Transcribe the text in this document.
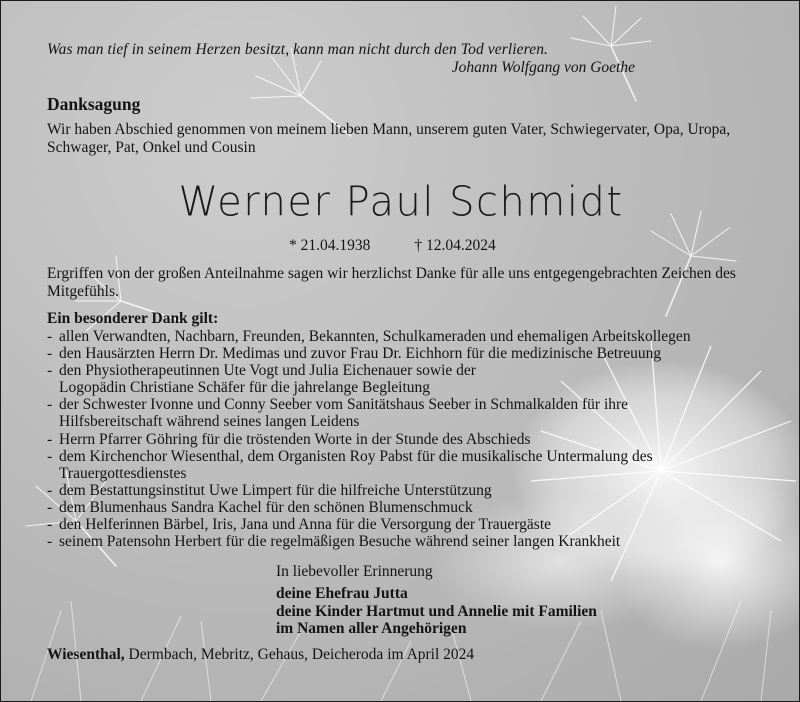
Was man tief in seinem Herzen besitzt, kann man nicht durch den Tod verlieren.
Johann Wolfgang von Goethe
Danksagung
Wir haben Abschied genommen von meinem lieben Mann, unserem guten Vater, Schwiegervater, Opa, Uropa, Schwager, Pat, Onkel und Cousin
Werner Paul Schmidt
* 21.04.1938	† 12.04.2024
Ergriffen von der großen Anteilnahme sagen wir herzlichst Danke für alle uns entgegengebrachten Zeichen des Mitgefühls.
Ein besonderer Dank gilt:
- allen Verwandten, Nachbarn, Freunden, Bekannten, Schulkameraden und ehemaligen Arbeitskollegen
- den Hausärzten Herrn Dr. Medimas und zuvor Frau Dr. Eichhorn für die medizinische Betreuung
- den Physiotherapeutinnen Ute Vogt und Julia Eichenauer sowie der Logopädin Christiane Schäfer für die jahrelange Begleitung
- der Schwester Ivonne und Conny Seeber vom Sanitätshaus Seeber in Schmalkalden für ihre Hilfsbereitschaft während seines langen Leidens
- Herrn Pfarrer Göhring für die tröstenden Worte in der Stunde des Abschieds
- dem Kirchenchor Wiesenthal, dem Organisten Roy Pabst für die musikalische Untermalung des Trauergottesdienstes
- dem Bestattungsinstitut Uwe Limpert für die hilfreiche Unterstützung
- dem Blumenhaus Sandra Kachel für den schönen Blumenschmuck
- den Helferinnen Bärbel, Iris, Jana und Anna für die Versorgung der Trauergäste
- seinem Patensohn Herbert für die regelmäßigen Besuche während seiner langen Krankheit
In liebevoller Erinnerung
deine Ehefrau Jutta
deine Kinder Hartmut und Annelie mit Familien
im Namen aller Angehörigen
Wiesenthal, Dermbach, Mebritz, Gehaus, Deicheroda im April 2024
